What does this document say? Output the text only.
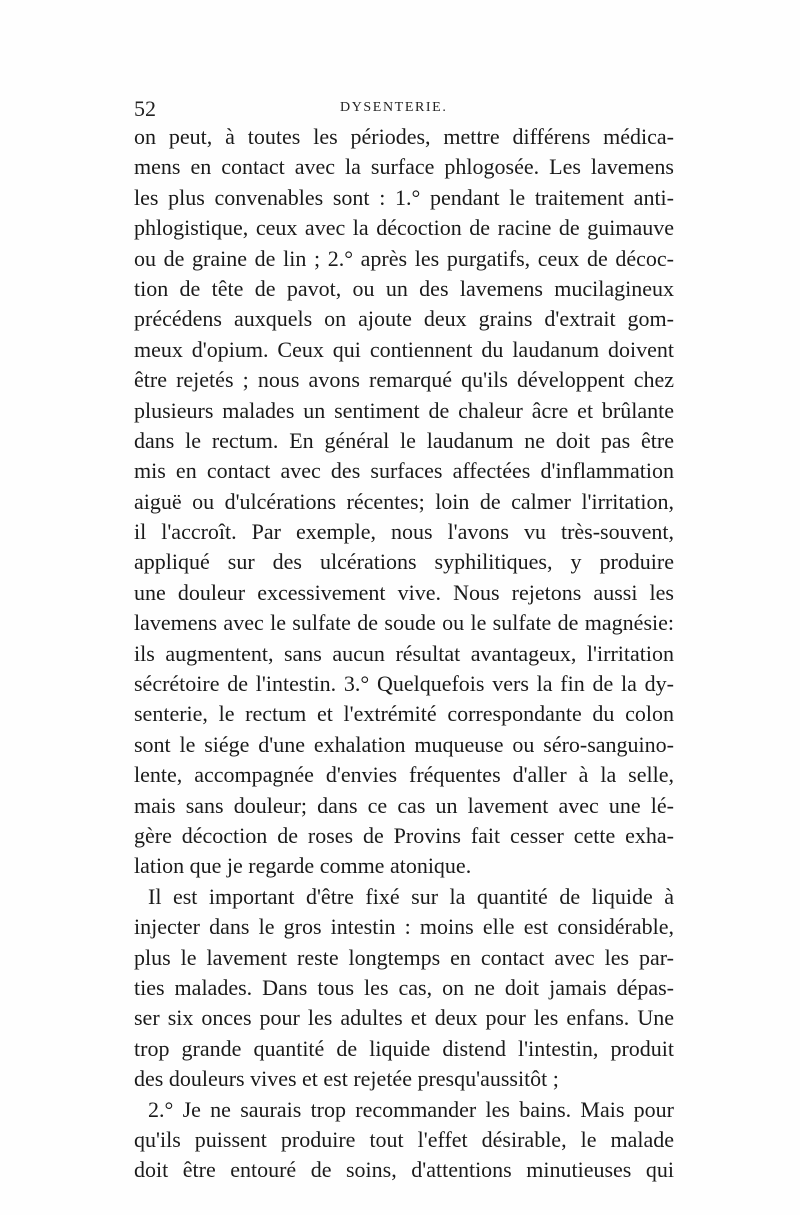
52	DYSENTERIE.
on peut, à toutes les périodes, mettre différens médica-
mens en contact avec la surface phlogosée. Les lavemens
les plus convenables sont : 1.° pendant le traitement anti-
phlogistique, ceux avec la décoction de racine de guimauve
ou de graine de lin ; 2.° après les purgatifs, ceux de décoc-
tion de tête de pavot, ou un des lavemens mucilagineux
précédens auxquels on ajoute deux grains d'extrait gom-
meux d'opium. Ceux qui contiennent du laudanum doivent
être rejetés ; nous avons remarqué qu'ils développent chez
plusieurs malades un sentiment de chaleur âcre et brûlante
dans le rectum. En général le laudanum ne doit pas être
mis en contact avec des surfaces affectées d'inflammation
aiguë ou d'ulcérations récentes; loin de calmer l'irritation,
il l'accroît. Par exemple, nous l'avons vu très-souvent,
appliqué sur des ulcérations syphilitiques, y produire
une douleur excessivement vive. Nous rejetons aussi les
lavemens avec le sulfate de soude ou le sulfate de magnésie:
ils augmentent, sans aucun résultat avantageux, l'irritation
sécrétoire de l'intestin. 3.° Quelquefois vers la fin de la dy-
senterie, le rectum et l'extrémité correspondante du colon
sont le siége d'une exhalation muqueuse ou séro-sanguino-
lente, accompagnée d'envies fréquentes d'aller à la selle,
mais sans douleur; dans ce cas un lavement avec une lé-
gère décoction de roses de Provins fait cesser cette exha-
lation que je regarde comme atonique.
Il est important d'être fixé sur la quantité de liquide à
injecter dans le gros intestin : moins elle est considérable,
plus le lavement reste longtemps en contact avec les par-
ties malades. Dans tous les cas, on ne doit jamais dépas-
ser six onces pour les adultes et deux pour les enfans. Une
trop grande quantité de liquide distend l'intestin, produit
des douleurs vives et est rejetée presqu'aussitôt ;
2.° Je ne saurais trop recommander les bains. Mais pour
qu'ils puissent produire tout l'effet désirable, le malade
doit être entouré de soins, d'attentions minutieuses qui
